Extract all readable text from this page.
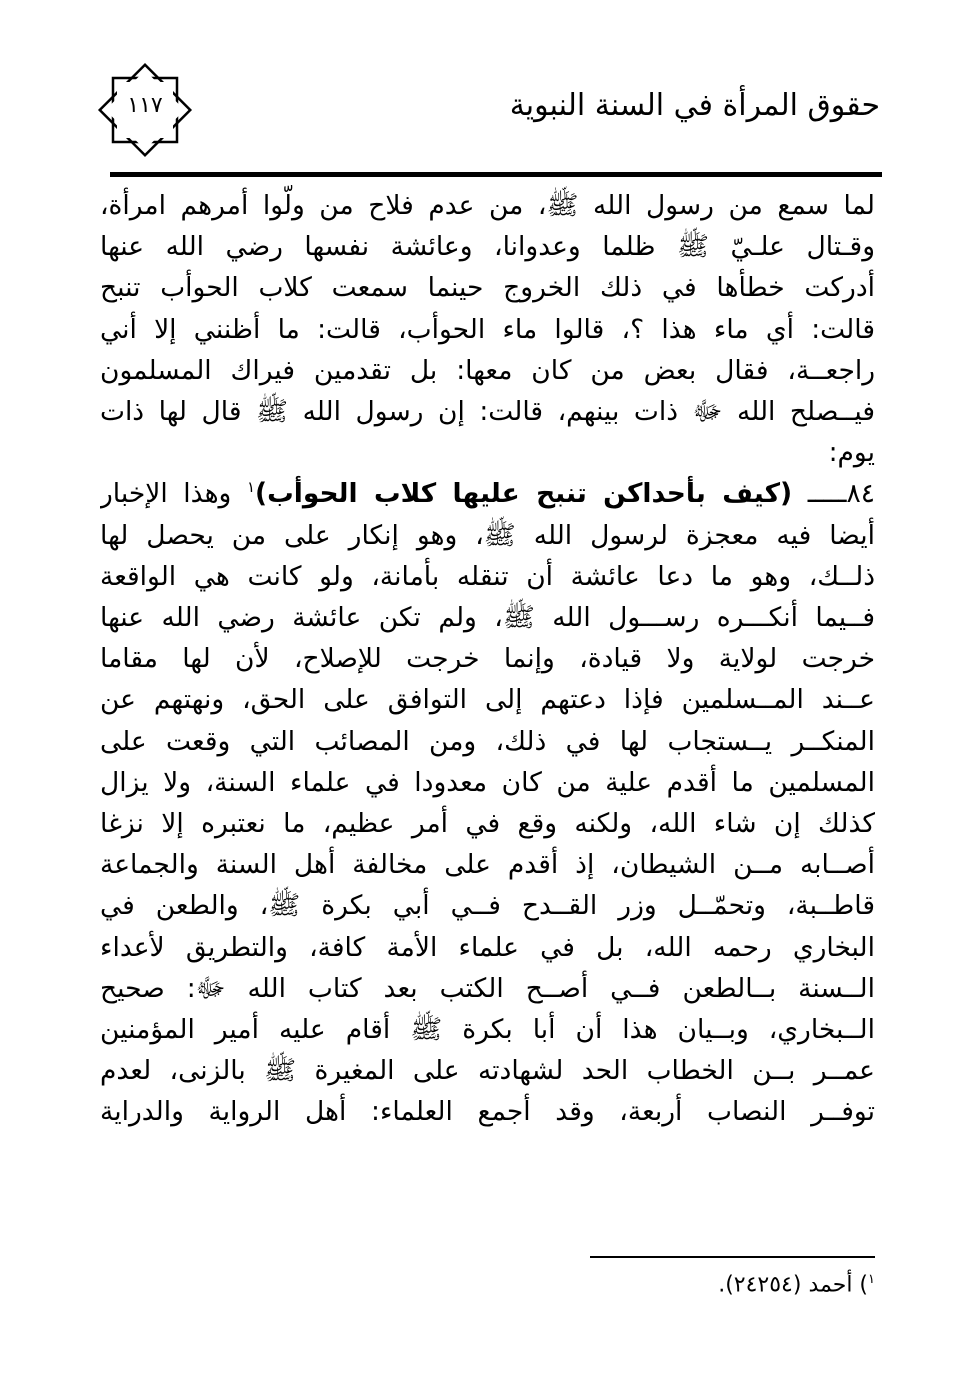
١١٧	حقوق المرأة في السنة النبوية
لما سمع من رسول الله ﷺ، من عدم فلاح من ولّوا أمرهم امرأة،
وقـتال علـيّ ﷺ ظلما وعدوانا، وعائشة نفسها رضي الله عنها
أدركت خطأها في ذلك الخروج حينما سمعت كلاب الحوأب تنبح
قالت: أي ماء هذا ؟، قالوا ماء الحوأب، قالت: ما أظنني إلا أني
راجعــة، فقال بعض من كان معها: بل تقدمين فيراك المسلمون
فيــصلح الله ﷻ ذات بينهم، قالت: إن رسول الله ﷺ قال لها ذات
يوم:
٨٤ـــــ (كيف بأحداكن تنبح عليها كلاب الحوأب)$^١$ وهذا الإخبار
أيضا فيه معجزة لرسول الله ﷺ، وهو إنكار على من يحصل لها
ذلــك، وهو ما دعا عائشة أن تنقله بأمانة، ولو كانت هي الواقعة
فــيما أنكـــره رســـول الله ﷺ، ولم تكن عائشة رضي الله عنها
خرجت لولاية ولا قيادة، وإنما خرجت للإصلاح، لأن لها مقاما
عــند المــسلمين فإذا دعتهم إلى التوافق على الحق، ونهتهم عن
المنكــر يــستجاب لها في ذلك، ومن المصائب التي وقعت على
المسلمين ما أقدم علية من كان معدودا في علماء السنة، ولا يزال
كذلك إن شاء الله، ولكنه وقع في أمر عظيم، ما نعتبره إلا نزغا
أصــابه مــن الشيطان، إذ أقدم على مخالفة أهل السنة والجماعة
قاطــبة، وتحمّــل وزر القــدح فــي أبي بكرة ﷺ، والطعن في
البخاري رحمه الله، بل في علماء الأمة كافة، والتطريق لأعداء
الــسنة بــالطعن فــي أصــح الكتب بعد كتاب الله ﷻ: صحيح
الــبخاري، وبــيان هذا أن أبا بكرة ﷺ أقام عليه أمير المؤمنين
عمــر بــن الخطاب الحد لشهادته على المغيرة ﷺ بالزنى، لعدم
توفــر النصاب أربعة، وقد أجمع العلماء: أهل الرواية والدراية
$^١$) أحمد (٢٤٢٥٤).
